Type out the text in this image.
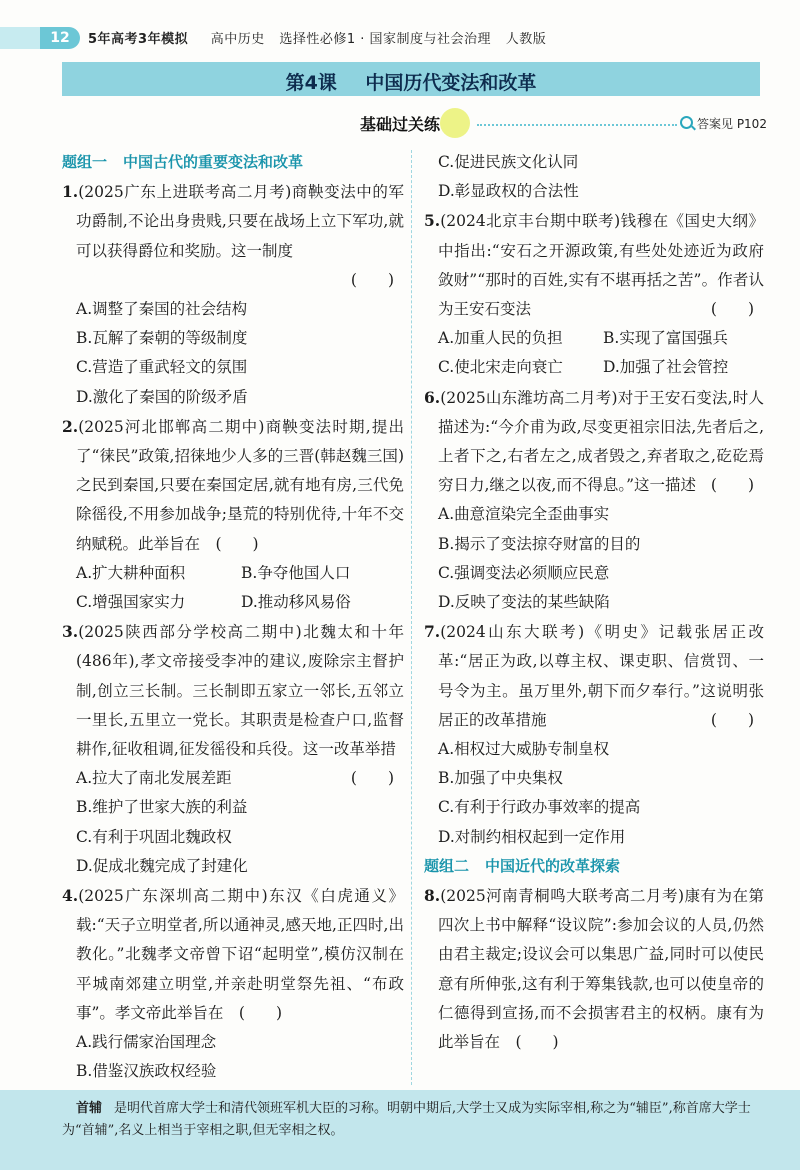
12	5年高考3年模拟 高中历史 选择性必修1 · 国家制度与社会治理 人教版
第4课 中国历代变法和改革
基础过关练	答案见 P102
题组一 中国古代的重要变法和改革
1.(2025广东上进联考高二月考)商鞅变法中的军功爵制,不论出身贵贱,只要在战场上立下军功,就可以获得爵位和奖励。这一制度
(　　)
A.调整了秦国的社会结构
B.瓦解了秦朝的等级制度
C.营造了重武轻文的氛围
D.激化了秦国的阶级矛盾
2.(2025河北邯郸高二期中)商鞅变法时期,提出了“徕民”政策,招徕地少人多的三晋(韩赵魏三国)之民到秦国,只要在秦国定居,就有地有房,三代免除徭役,不用参加战争;垦荒的特别优待,十年不交纳赋税。此举旨在　(　　)
A.扩大耕种面积	B.争夺他国人口
C.增强国家实力	D.推动移风易俗
3.(2025陕西部分学校高二期中)北魏太和十年(486年),孝文帝接受李冲的建议,废除宗主督护制,创立三长制。三长制即五家立一邻长,五邻立一里长,五里立一党长。其职责是检查户口,监督耕作,征收租调,征发徭役和兵役。这一改革举措
(　　)
A.拉大了南北发展差距
B.维护了世家大族的利益
C.有利于巩固北魏政权
D.促成北魏完成了封建化
4.(2025广东深圳高二期中)东汉《白虎通义》载:“天子立明堂者,所以通神灵,感天地,正四时,出教化。”北魏孝文帝曾下诏“起明堂”,模仿汉制在平城南郊建立明堂,并亲赴明堂祭先祖、“布政事”。孝文帝此举旨在　(　　)
A.践行儒家治国理念
B.借鉴汉族政权经验
C.促进民族文化认同
D.彰显政权的合法性
5.(2024北京丰台期中联考)钱穆在《国史大纲》中指出:“安石之开源政策,有些处处迹近为政府敛财”“那时的百姓,实有不堪再括之苦”。作者认为王安石变法	(　　)
A.加重人民的负担	B.实现了富国强兵
C.使北宋走向衰亡	D.加强了社会管控
6.(2025山东潍坊高二月考)对于王安石变法,时人描述为:“今介甫为政,尽变更祖宗旧法,先者后之,上者下之,右者左之,成者毁之,弃者取之,矻矻焉穷日力,继之以夜,而不得息。”这一描述 (　　)
A.曲意渲染完全歪曲事实
B.揭示了变法掠夺财富的目的
C.强调变法必须顺应民意
D.反映了变法的某些缺陷
7.(2024山东大联考)《明史》记载张居正改革:“居正为政,以尊主权、课吏职、信赏罚、一号令为主。虽万里外,朝下而夕奉行。”这说明张居正的改革措施	(　　)
A.相权过大威胁专制皇权
B.加强了中央集权
C.有利于行政办事效率的提高
D.对制约相权起到一定作用
题组二 中国近代的改革探索
8.(2025河南青桐鸣大联考高二月考)康有为在第四次上书中解释“设议院”:参加会议的人员,仍然由君主裁定;设议会可以集思广益,同时可以使民意有所伸张,这有利于筹集钱款,也可以使皇帝的仁德得到宣扬,而不会损害君主的权柄。康有为此举旨在　(　　)
首辅 是明代首席大学士和清代领班军机大臣的习称。明朝中期后,大学士又成为实际宰相,称之为“辅臣”,称首席大学士为“首辅”,名义上相当于宰相之职,但无宰相之权。
